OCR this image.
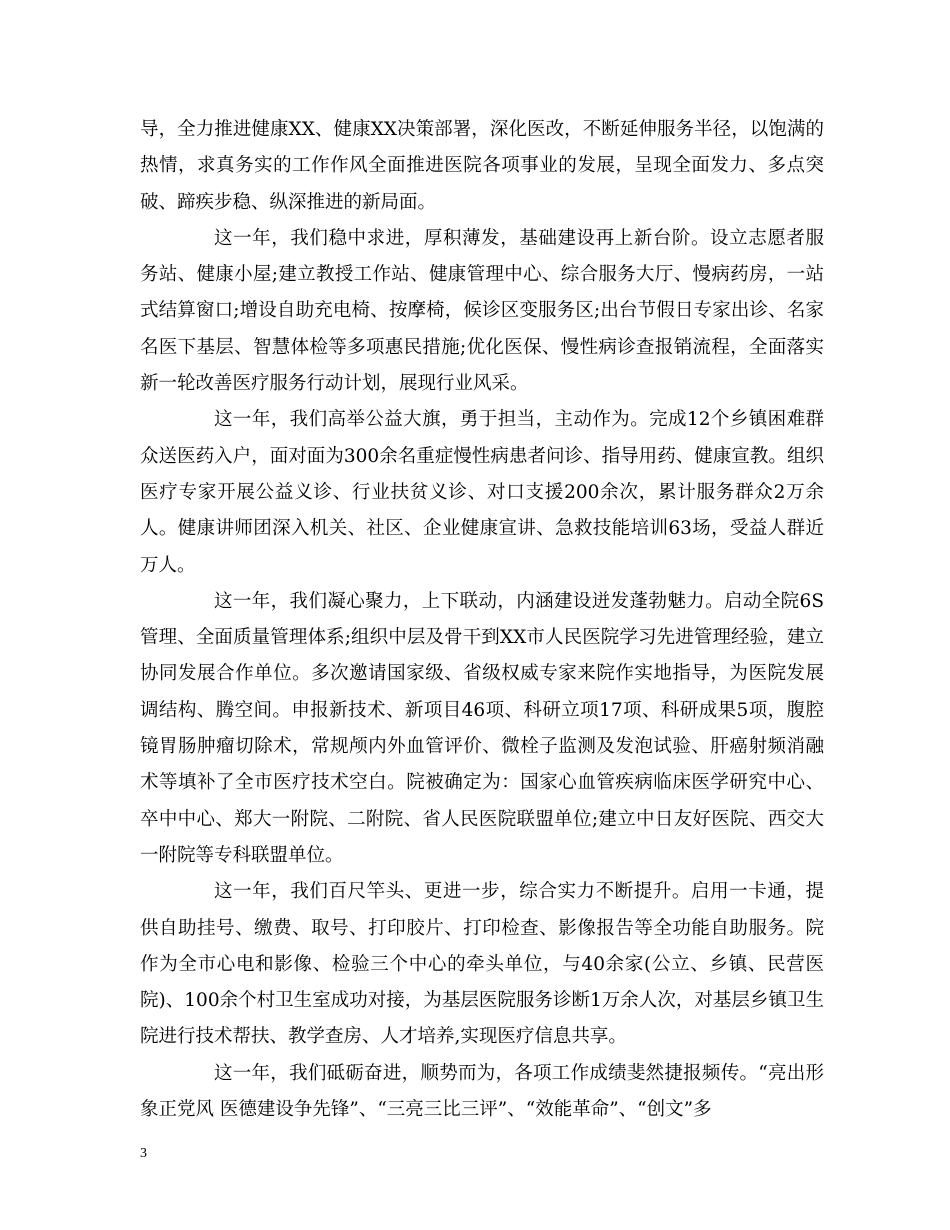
导，全力推进健康XX、健康XX决策部署，深化医改，不断延伸服务半径，以饱满的热情，求真务实的工作作风全面推进医院各项事业的发展，呈现全面发力、多点突破、蹄疾步稳、纵深推进的新局面。

这一年，我们稳中求进，厚积薄发，基础建设再上新台阶。设立志愿者服务站、健康小屋;建立教授工作站、健康管理中心、综合服务大厅、慢病药房，一站式结算窗口;增设自助充电椅、按摩椅，候诊区变服务区;出台节假日专家出诊、名家名医下基层、智慧体检等多项惠民措施;优化医保、慢性病诊查报销流程，全面落实新一轮改善医疗服务行动计划，展现行业风采。

这一年，我们高举公益大旗，勇于担当，主动作为。完成12个乡镇困难群众送医药入户，面对面为300余名重症慢性病患者问诊、指导用药、健康宣教。组织医疗专家开展公益义诊、行业扶贫义诊、对口支援200余次，累计服务群众2万余人。健康讲师团深入机关、社区、企业健康宣讲、急救技能培训63场，受益人群近万人。

这一年，我们凝心聚力，上下联动，内涵建设迸发蓬勃魅力。启动全院6S管理、全面质量管理体系;组织中层及骨干到XX市人民医院学习先进管理经验，建立协同发展合作单位。多次邀请国家级、省级权威专家来院作实地指导，为医院发展调结构、腾空间。申报新技术、新项目46项、科研立项17项、科研成果5项，腹腔镜胃肠肿瘤切除术，常规颅内外血管评价、微栓子监测及发泡试验、肝癌射频消融术等填补了全市医疗技术空白。院被确定为：国家心血管疾病临床医学研究中心、卒中中心、郑大一附院、二附院、省人民医院联盟单位;建立中日友好医院、西交大一附院等专科联盟单位。

这一年，我们百尺竿头、更进一步，综合实力不断提升。启用一卡通，提供自助挂号、缴费、取号、打印胶片、打印检查、影像报告等全功能自助服务。院作为全市心电和影像、检验三个中心的牵头单位，与40余家(公立、乡镇、民营医院)、100余个村卫生室成功对接，为基层医院服务诊断1万余人次，对基层乡镇卫生院进行技术帮扶、教学查房、人才培养,实现医疗信息共享。

这一年，我们砥砺奋进，顺势而为，各项工作成绩斐然捷报频传。“亮出形象正党风 医德建设争先锋”、“三亮三比三评”、“效能革命”、“创文”多

3
